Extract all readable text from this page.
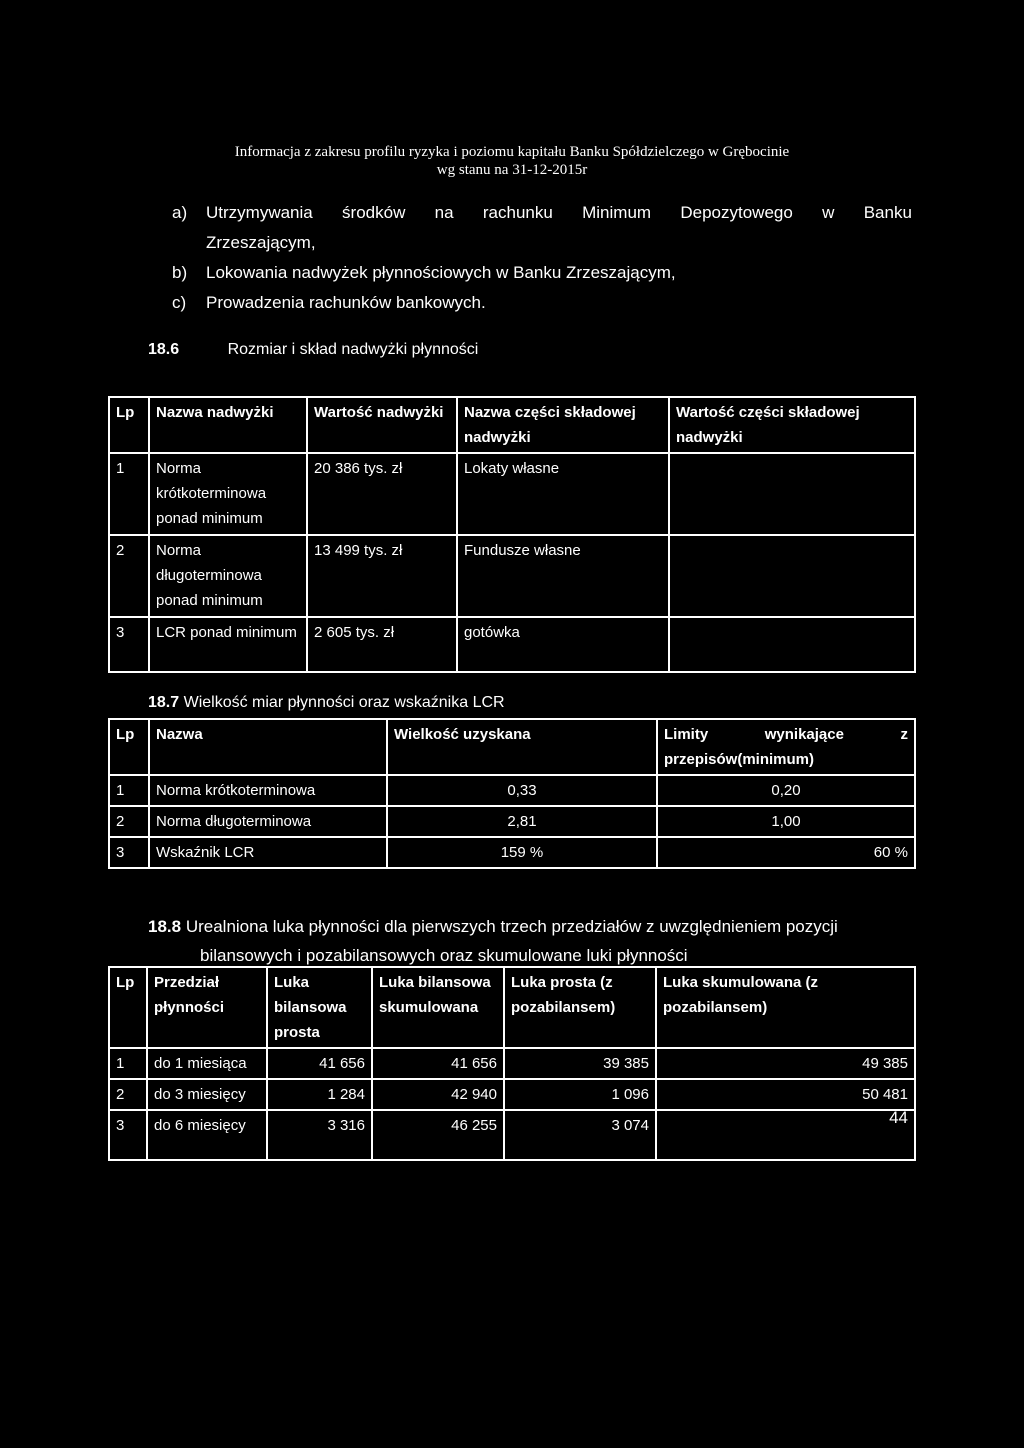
Informacja z zakresu profilu ryzyka i poziomu kapitału Banku Spółdzielczego w Grębocinie
wg stanu na 31-12-2015r
a)	Utrzymywania środków na rachunku Minimum Depozytowego w Banku
Zrzeszającym,
b)	Lokowania nadwyżek płynnościowych w Banku Zrzeszającym,
c)	Prowadzenia rachunków bankowych.
18.6	Rozmiar i skład nadwyżki płynności
Lp	Nazwa nadwyżki	Wartość nadwyżki	Nazwa części składowej nadwyżki	Wartość części składowej nadwyżki
1	Norma krótkoterminowa ponad minimum	20 386 tys. zł	Lokaty własne	
2	Norma długoterminowa ponad minimum	13 499 tys. zł	Fundusze własne	
3	LCR ponad minimum	2 605 tys. zł	gotówka	
18.7 Wielkość miar płynności oraz wskaźnika LCR
Lp	Nazwa	Wielkość uzyskana	Limity wynikające z przepisów(minimum)
1	Norma krótkoterminowa	0,33	0,20
2	Norma długoterminowa	2,81	1,00
3	Wskaźnik LCR	159 %	60 %
18.8 Urealniona luka płynności dla pierwszych trzech przedziałów z uwzględnieniem pozycji
bilansowych i pozabilansowych oraz skumulowane luki płynności
Lp	Przedział płynności	Luka bilansowa prosta	Luka bilansowa skumulowana	Luka prosta (z pozabilansem)	Luka skumulowana (z pozabilansem)
1	do 1 miesiąca	41 656	41 656	39 385	49 385
2	do 3 miesięcy	1 284	42 940	1 096	50 481
3	do 6 miesięcy	3 316	46 255	3 074		44
